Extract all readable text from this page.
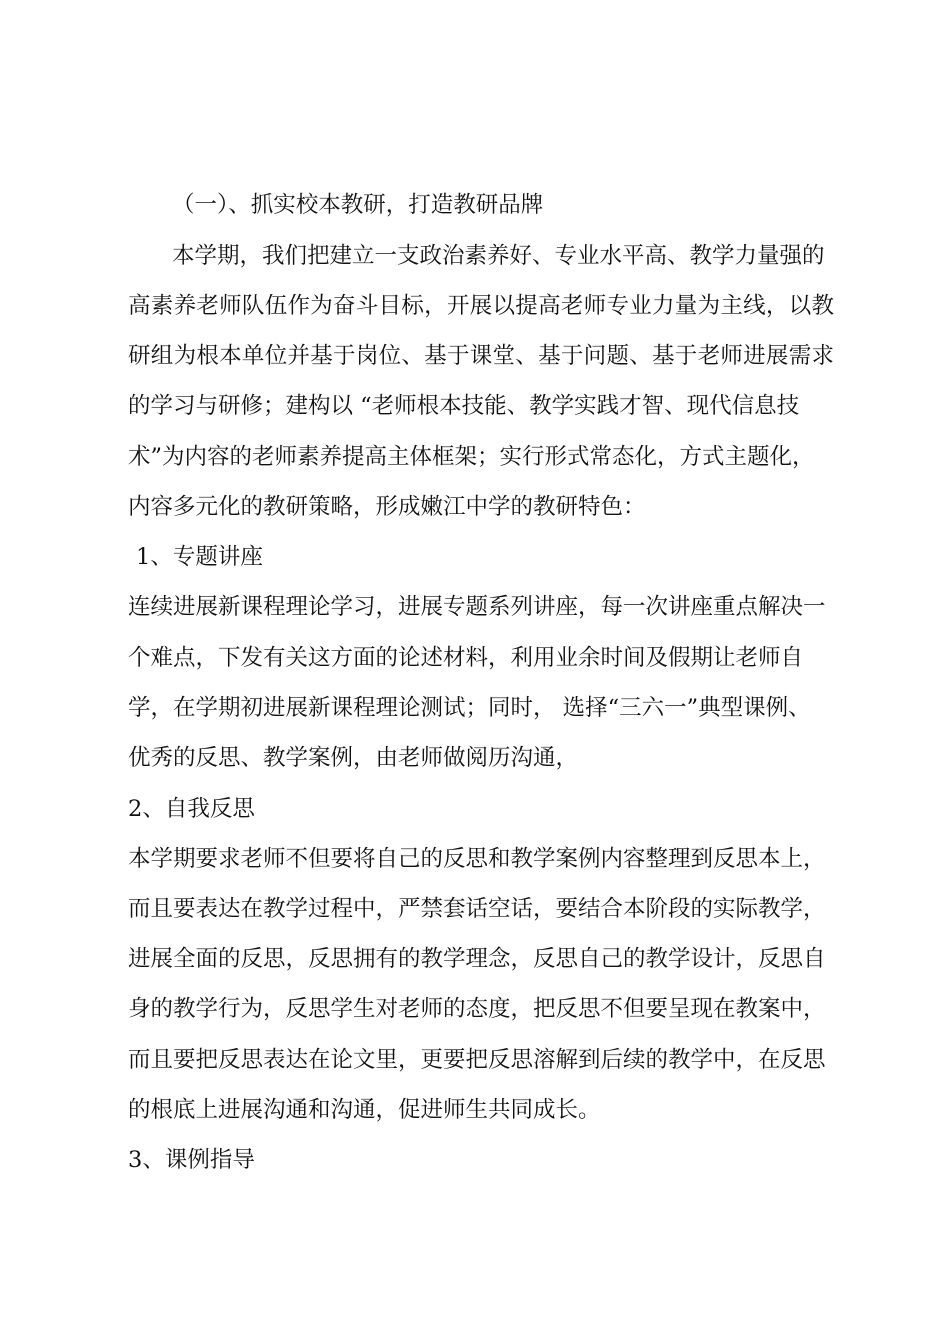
（一）、抓实校本教研，打造教研品牌
本学期，我们把建立一支政治素养好、专业水平高、教学力量强的
高素养老师队伍作为奋斗目标，开展以提高老师专业力量为主线，以教
研组为根本单位并基于岗位、基于课堂、基于问题、基于老师进展需求
的学习与研修；建构以 “老师根本技能、教学实践才智、现代信息技
术”为内容的老师素养提高主体框架；实行形式常态化，方式主题化，
内容多元化的教研策略，形成嫩江中学的教研特色：
1、专题讲座
连续进展新课程理论学习，进展专题系列讲座，每一次讲座重点解决一
个难点，下发有关这方面的论述材料，利用业余时间及假期让老师自
学，在学期初进展新课程理论测试；同时， 选择“三六一”典型课例、
优秀的反思、教学案例，由老师做阅历沟通，
2、自我反思
本学期要求老师不但要将自己的反思和教学案例内容整理到反思本上，
而且要表达在教学过程中，严禁套话空话，要结合本阶段的实际教学，
进展全面的反思，反思拥有的教学理念，反思自己的教学设计，反思自
身的教学行为，反思学生对老师的态度，把反思不但要呈现在教案中，
而且要把反思表达在论文里，更要把反思溶解到后续的教学中，在反思
的根底上进展沟通和沟通，促进师生共同成长。
3、课例指导
